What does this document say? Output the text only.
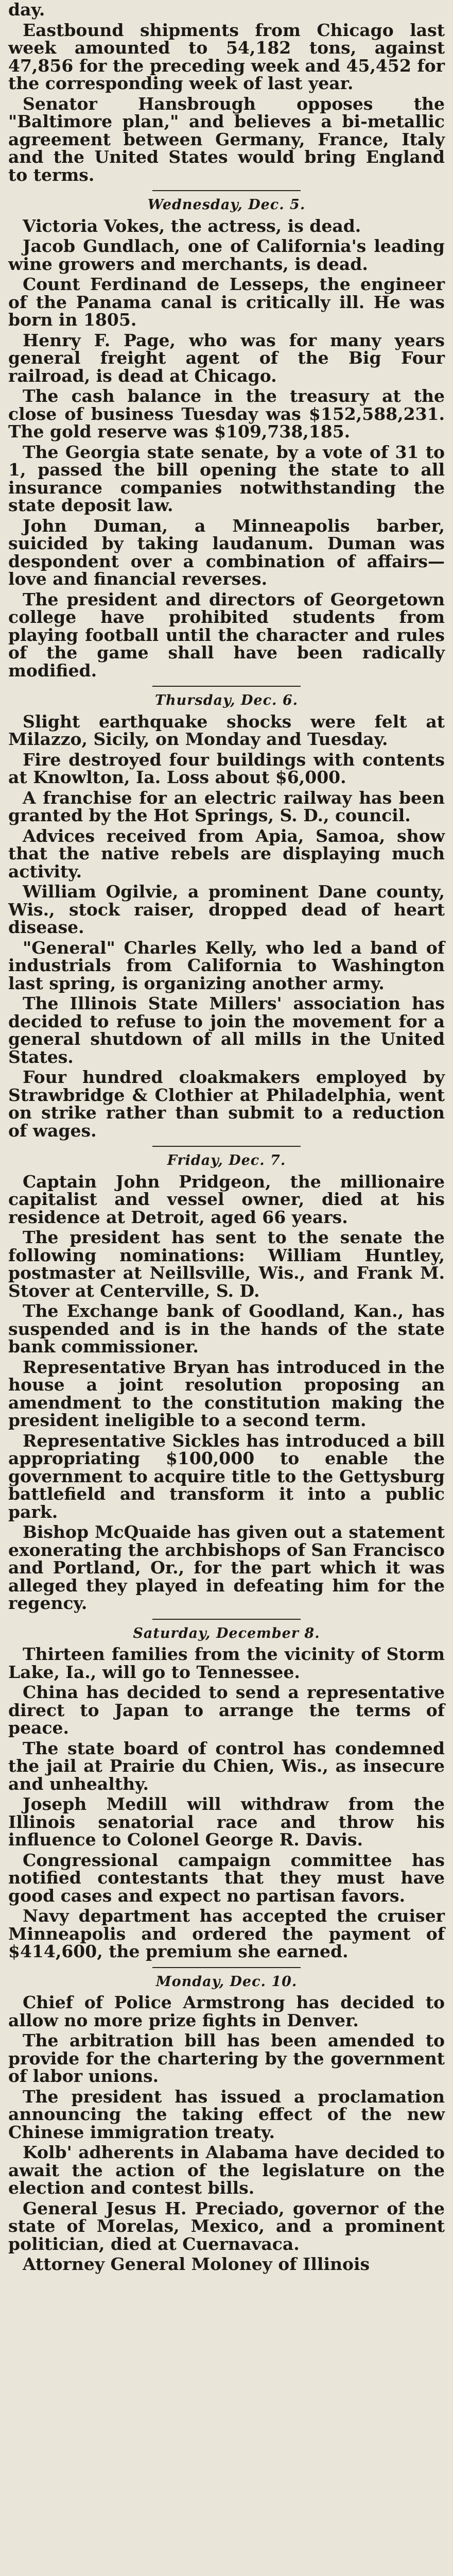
day.

Eastbound shipments from Chicago last week amounted to 54,182 tons, against 47,856 for the preceding week and 45,452 for the corresponding week of last year.

Senator Hansbrough opposes the "Baltimore plan," and believes a bi-metallic agreement between Germany, France, Italy and the United States would bring England to terms.

Wednesday, Dec. 5.

Victoria Vokes, the actress, is dead.

Jacob Gundlach, one of California's leading wine growers and merchants, is dead.

Count Ferdinand de Lesseps, the engineer of the Panama canal is critically ill. He was born in 1805.

Henry F. Page, who was for many years general freight agent of the Big Four railroad, is dead at Chicago.

The cash balance in the treasury at the close of business Tuesday was $152,588,231. The gold reserve was $109,738,185.

The Georgia state senate, by a vote of 31 to 1, passed the bill opening the state to all insurance companies notwithstanding the state deposit law.

John Duman, a Minneapolis barber, suicided by taking laudanum. Duman was despondent over a combination of affairs—love and financial reverses.

The president and directors of Georgetown college have prohibited students from playing football until the character and rules of the game shall have been radically modified.

Thursday, Dec. 6.

Slight earthquake shocks were felt at Milazzo, Sicily, on Monday and Tuesday.

Fire destroyed four buildings with contents at Knowlton, Ia. Loss about $6,000.

A franchise for an electric railway has been granted by the Hot Springs, S. D., council.

Advices received from Apia, Samoa, show that the native rebels are displaying much activity.

William Ogilvie, a prominent Dane county, Wis., stock raiser, dropped dead of heart disease.

"General" Charles Kelly, who led a band of industrials from California to Washington last spring, is organizing another army.

The Illinois State Millers' association has decided to refuse to join the movement for a general shutdown of all mills in the United States.

Four hundred cloakmakers employed by Strawbridge & Clothier at Philadelphia, went on strike rather than submit to a reduction of wages.

Friday, Dec. 7.

Captain John Pridgeon, the millionaire capitalist and vessel owner, died at his residence at Detroit, aged 66 years.

The president has sent to the senate the following nominations: William Huntley, postmaster at Neillsville, Wis., and Frank M. Stover at Centerville, S. D.

The Exchange bank of Goodland, Kan., has suspended and is in the hands of the state bank commissioner.

Representative Bryan has introduced in the house a joint resolution proposing an amendment to the constitution making the president ineligible to a second term.

Representative Sickles has introduced a bill appropriating $100,000 to enable the government to acquire title to the Gettysburg battlefield and transform it into a public park.

Bishop McQuaide has given out a statement exonerating the archbishops of San Francisco and Portland, Or., for the part which it was alleged they played in defeating him for the regency.

Saturday, December 8.

Thirteen families from the vicinity of Storm Lake, Ia., will go to Tennessee.

China has decided to send a representative direct to Japan to arrange the terms of peace.

The state board of control has condemned the jail at Prairie du Chien, Wis., as insecure and unhealthy.

Joseph Medill will withdraw from the Illinois senatorial race and throw his influence to Colonel George R. Davis.

Congressional campaign committee has notified contestants that they must have good cases and expect no partisan favors.

Navy department has accepted the cruiser Minneapolis and ordered the payment of $414,600, the premium she earned.

Monday, Dec. 10.

Chief of Police Armstrong has decided to allow no more prize fights in Denver.

The arbitration bill has been amended to provide for the chartering by the government of labor unions.

The president has issued a proclamation announcing the taking effect of the new Chinese immigration treaty.

Kolb' adherents in Alabama have decided to await the action of the legislature on the election and contest bills.

General Jesus H. Preciado, governor of the state of Morelas, Mexico, and a prominent politician, died at Cuernavaca.

Attorney General Moloney of Illinois
